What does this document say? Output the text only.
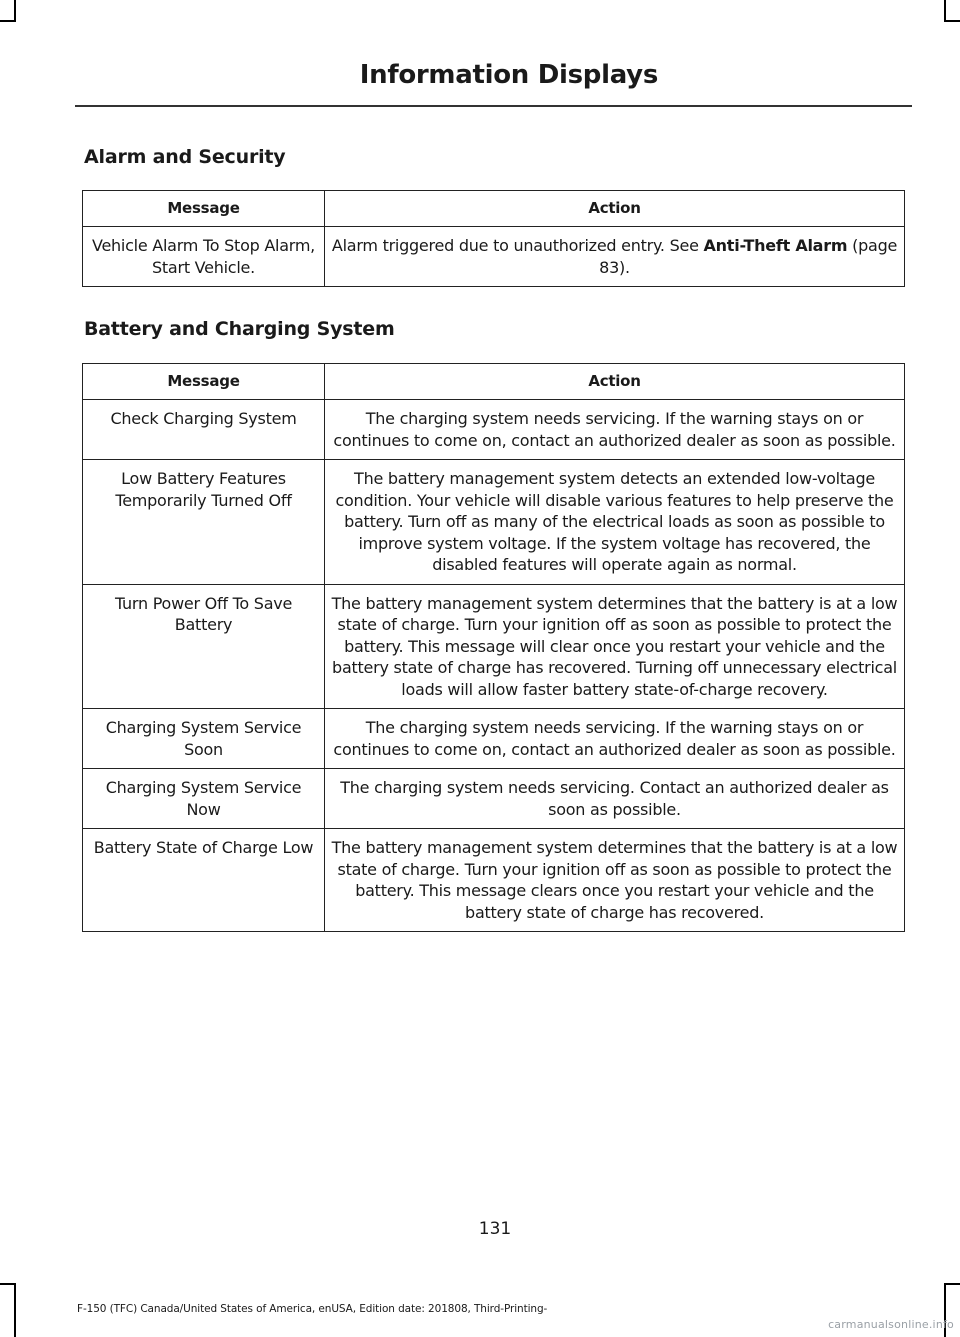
Information Displays
Alarm and Security
Message	Action
Vehicle Alarm To Stop Alarm, Start Vehicle.	Alarm triggered due to unauthorized entry. See Anti-Theft Alarm (page 83).
Battery and Charging System
Message	Action
Check Charging System	The charging system needs servicing. If the warning stays on or continues to come on, contact an authorized dealer as soon as possible.
Low Battery Features Temporarily Turned Off	The battery management system detects an extended low-voltage condition. Your vehicle will disable various features to help preserve the battery. Turn off as many of the electrical loads as soon as possible to improve system voltage. If the system voltage has recovered, the disabled features will operate again as normal.
Turn Power Off To Save Battery	The battery management system determines that the battery is at a low state of charge. Turn your ignition off as soon as possible to protect the battery. This message will clear once you restart your vehicle and the battery state of charge has recovered. Turning off unnecessary electrical loads will allow faster battery state-of-charge recovery.
Charging System Service Soon	The charging system needs servicing. If the warning stays on or continues to come on, contact an authorized dealer as soon as possible.
Charging System Service Now	The charging system needs servicing. Contact an authorized dealer as soon as possible.
Battery State of Charge Low	The battery management system determines that the battery is at a low state of charge. Turn your ignition off as soon as possible to protect the battery. This message clears once you restart your vehicle and the battery state of charge has recovered.
131
F-150 (TFC) Canada/United States of America, enUSA, Edition date: 201808, Third-Printing-
carmanualsonline.info
